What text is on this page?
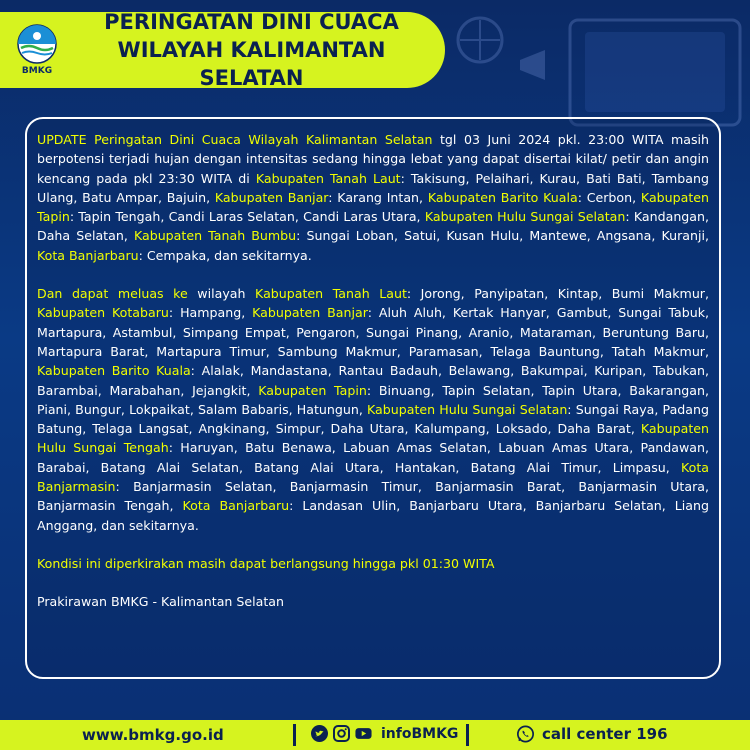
BMKG
PERINGATAN DINI CUACA
WILAYAH KALIMANTAN SELATAN

UPDATE Peringatan Dini Cuaca Wilayah Kalimantan Selatan tgl 03 Juni 2024 pkl. 23:00 WITA masih berpotensi terjadi hujan dengan intensitas sedang hingga lebat yang dapat disertai kilat/ petir dan angin kencang pada pkl 23:30 WITA di Kabupaten Tanah Laut: Takisung, Pelaihari, Kurau, Bati Bati, Tambang Ulang, Batu Ampar, Bajuin, Kabupaten Banjar: Karang Intan, Kabupaten Barito Kuala: Cerbon, Kabupaten Tapin: Tapin Tengah, Candi Laras Selatan, Candi Laras Utara, Kabupaten Hulu Sungai Selatan: Kandangan, Daha Selatan, Kabupaten Tanah Bumbu: Sungai Loban, Satui, Kusan Hulu, Mantewe, Angsana, Kuranji, Kota Banjarbaru: Cempaka, dan sekitarnya.

Dan dapat meluas ke wilayah Kabupaten Tanah Laut: Jorong, Panyipatan, Kintap, Bumi Makmur, Kabupaten Kotabaru: Hampang, Kabupaten Banjar: Aluh Aluh, Kertak Hanyar, Gambut, Sungai Tabuk, Martapura, Astambul, Simpang Empat, Pengaron, Sungai Pinang, Aranio, Mataraman, Beruntung Baru, Martapura Barat, Martapura Timur, Sambung Makmur, Paramasan, Telaga Bauntung, Tatah Makmur, Kabupaten Barito Kuala: Alalak, Mandastana, Rantau Badauh, Belawang, Bakumpai, Kuripan, Tabukan, Barambai, Marabahan, Jejangkit, Kabupaten Tapin: Binuang, Tapin Selatan, Tapin Utara, Bakarangan, Piani, Bungur, Lokpaikat, Salam Babaris, Hatungun, Kabupaten Hulu Sungai Selatan: Sungai Raya, Padang Batung, Telaga Langsat, Angkinang, Simpur, Daha Utara, Kalumpang, Loksado, Daha Barat, Kabupaten Hulu Sungai Tengah: Haruyan, Batu Benawa, Labuan Amas Selatan, Labuan Amas Utara, Pandawan, Barabai, Batang Alai Selatan, Batang Alai Utara, Hantakan, Batang Alai Timur, Limpasu, Kota Banjarmasin: Banjarmasin Selatan, Banjarmasin Timur, Banjarmasin Barat, Banjarmasin Utara, Banjarmasin Tengah, Kota Banjarbaru: Landasan Ulin, Banjarbaru Utara, Banjarbaru Selatan, Liang Anggang, dan sekitarnya.

Kondisi ini diperkirakan masih dapat berlangsung hingga pkl 01:30 WITA

Prakirawan BMKG - Kalimantan Selatan

www.bmkg.go.id	infoBMKG	call center 196
